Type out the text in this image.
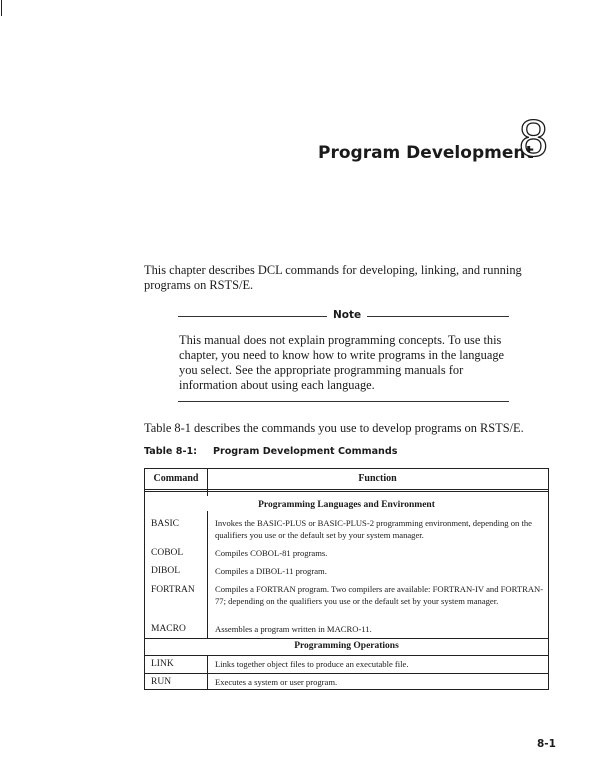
Program Development
8
This chapter describes DCL commands for developing, linking, and running programs on RSTS/E.
Note
This manual does not explain programming concepts. To use this chapter, you need to know how to write programs in the language you select. See the appropriate programming manuals for information about using each language.
Table 8-1 describes the commands you use to develop programs on RSTS/E.
Table 8-1: Program Development Commands
Command	Function
Programming Languages and Environment
BASIC	Invokes the BASIC-PLUS or BASIC-PLUS-2 programming environment, depending on the qualifiers you use or the default set by your system manager.
COBOL	Compiles COBOL-81 programs.
DIBOL	Compiles a DIBOL-11 program.
FORTRAN Compiles a FORTRAN program. Two compilers are available: FORTRAN-IV and FORTRAN-77; depending on the qualifiers you use or the default set by your system manager.
MACRO	Assembles a program written in MACRO-11.
Programming Operations
LINK	Links together object files to produce an executable file.
RUN	Executes a system or user program.
8-1
